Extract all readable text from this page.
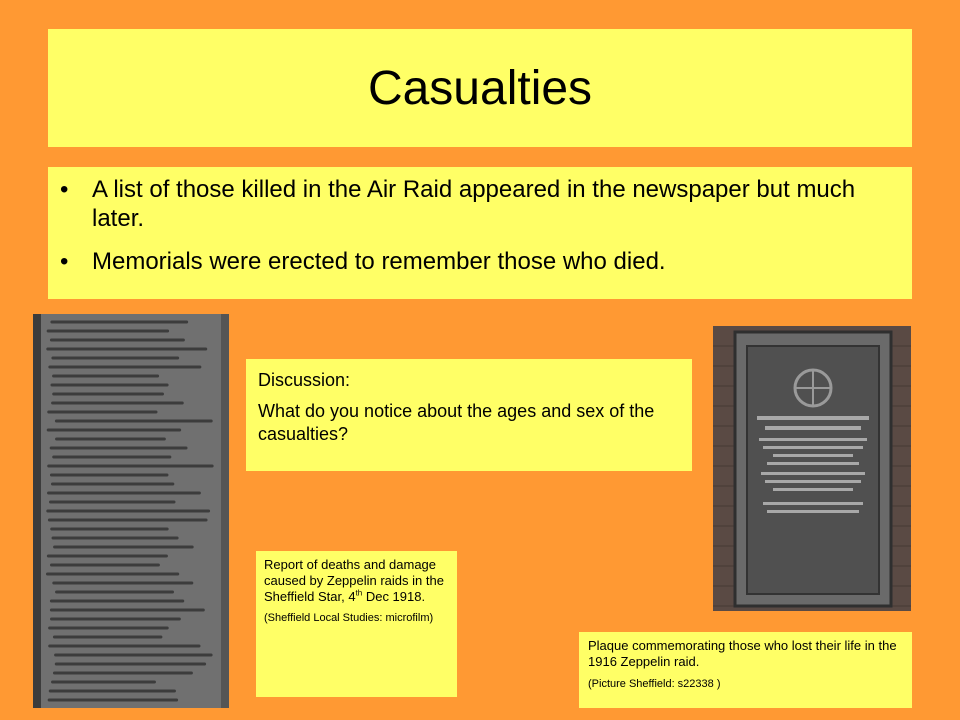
Casualties
• A list of those killed in the Air Raid appeared in the newspaper but much later.
• Memorials were erected to remember those who died.

Discussion:

What do you notice about the ages and sex of the casualties?

Report of deaths and damage caused by Zeppelin raids in the Sheffield Star, 4th Dec 1918.

(Sheffield Local Studies: microfilm)

Plaque commemorating those who lost their life in the 1916 Zeppelin raid.

(Picture Sheffield: s22338 )
